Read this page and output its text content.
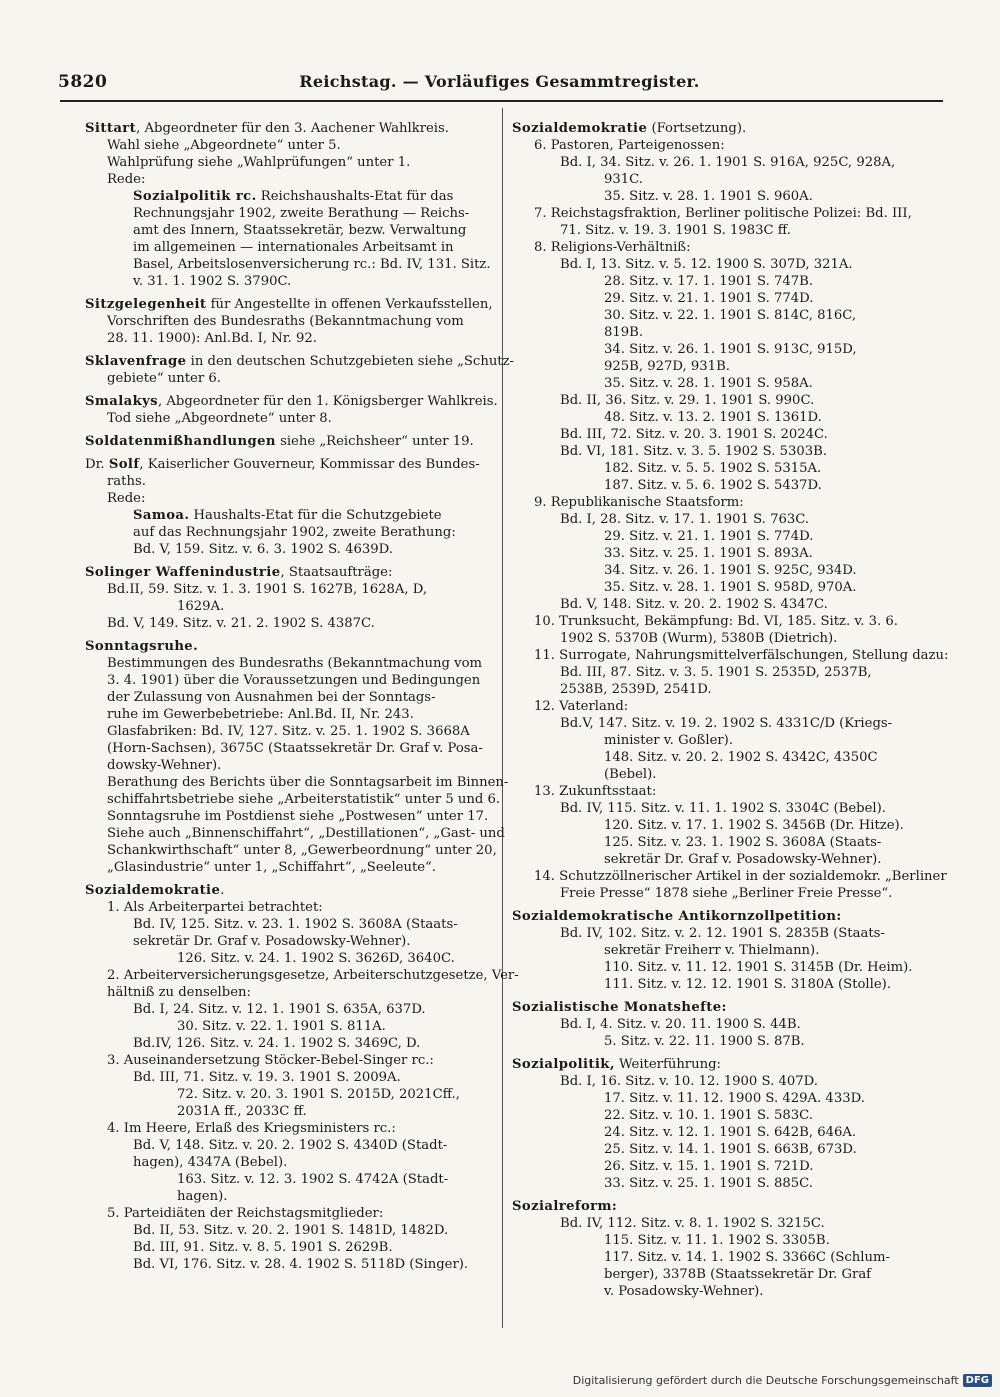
5820	Reichstag. — Vorläufiges Gesammtregister.
Sittart, Abgeordneter für den 3. Aachener Wahlkreis.
Wahl siehe „Abgeordnete“ unter 5.
Wahlprüfung siehe „Wahlprüfungen“ unter 1.
Rede:
Sozialpolitik rc. Reichshaushalts-Etat für das
Rechnungsjahr 1902, zweite Berathung — Reichs-
amt des Innern, Staatssekretär, bezw. Verwaltung
im allgemeinen — internationales Arbeitsamt in
Basel, Arbeitslosenversicherung rc.: Bd. IV, 131. Sitz.
v. 31. 1. 1902 S. 3790C.
Sitzgelegenheit für Angestellte in offenen Verkaufsstellen,
Vorschriften des Bundesraths (Bekanntmachung vom
28. 11. 1900): Anl.Bd. I, Nr. 92.
Sklavenfrage in den deutschen Schutzgebieten siehe „Schutz-
gebiete“ unter 6.
Smalakys, Abgeordneter für den 1. Königsberger Wahlkreis.
Tod siehe „Abgeordnete“ unter 8.
Soldatenmißhandlungen siehe „Reichsheer“ unter 19.
Dr. Solf, Kaiserlicher Gouverneur, Kommissar des Bundes-
raths.
Rede:
Samoa. Haushalts-Etat für die Schutzgebiete
auf das Rechnungsjahr 1902, zweite Berathung:
Bd. V, 159. Sitz. v. 6. 3. 1902 S. 4639D.
Solinger Waffenindustrie, Staatsaufträge:
Bd.II, 59. Sitz. v. 1. 3. 1901 S. 1627B, 1628A, D,
1629A.
Bd. V, 149. Sitz. v. 21. 2. 1902 S. 4387C.
Sonntagsruhe.
Bestimmungen des Bundesraths (Bekanntmachung vom
3. 4. 1901) über die Voraussetzungen und Bedingungen
der Zulassung von Ausnahmen bei der Sonntags-
ruhe im Gewerbebetriebe: Anl.Bd. II, Nr. 243.
Glasfabriken: Bd. IV, 127. Sitz. v. 25. 1. 1902 S. 3668A
(Horn-Sachsen), 3675C (Staatssekretär Dr. Graf v. Posa-
dowsky-Wehner).
Berathung des Berichts über die Sonntagsarbeit im Binnen-
schiffahrtsbetriebe siehe „Arbeiterstatistik“ unter 5 und 6.
Sonntagsruhe im Postdienst siehe „Postwesen“ unter 17.
Siehe auch „Binnenschiffahrt“, „Destillationen“, „Gast- und
Schankwirthschaft“ unter 8, „Gewerbeordnung“ unter 20,
„Glasindustrie“ unter 1, „Schiffahrt“, „Seeleute“.
Sozialdemokratie.
1. Als Arbeiterpartei betrachtet:
Bd. IV, 125. Sitz. v. 23. 1. 1902 S. 3608A (Staats-
sekretär Dr. Graf v. Posadowsky-Wehner).
126. Sitz. v. 24. 1. 1902 S. 3626D, 3640C.
2. Arbeiterversicherungsgesetze, Arbeiterschutzgesetze, Ver-
hältniß zu denselben:
Bd. I, 24. Sitz. v. 12. 1. 1901 S. 635A, 637D.
30. Sitz. v. 22. 1. 1901 S. 811A.
Bd.IV, 126. Sitz. v. 24. 1. 1902 S. 3469C, D.
3. Auseinandersetzung Stöcker-Bebel-Singer rc.:
Bd. III, 71. Sitz. v. 19. 3. 1901 S. 2009A.
72. Sitz. v. 20. 3. 1901 S. 2015D, 2021Cff.,
2031A ff., 2033C ff.
4. Im Heere, Erlaß des Kriegsministers rc.:
Bd. V, 148. Sitz. v. 20. 2. 1902 S. 4340D (Stadt-
hagen), 4347A (Bebel).
163. Sitz. v. 12. 3. 1902 S. 4742A (Stadt-
hagen).
5. Parteidiäten der Reichstagsmitglieder:
Bd. II, 53. Sitz. v. 20. 2. 1901 S. 1481D, 1482D.
Bd. III, 91. Sitz. v. 8. 5. 1901 S. 2629B.
Bd. VI, 176. Sitz. v. 28. 4. 1902 S. 5118D (Singer).
Sozialdemokratie (Fortsetzung).
6. Pastoren, Parteigenossen:
Bd. I, 34. Sitz. v. 26. 1. 1901 S. 916A, 925C, 928A,
931C.
35. Sitz. v. 28. 1. 1901 S. 960A.
7. Reichstagsfraktion, Berliner politische Polizei: Bd. III,
71. Sitz. v. 19. 3. 1901 S. 1983C ff.
8. Religions-Verhältniß:
Bd. I, 13. Sitz. v. 5. 12. 1900 S. 307D, 321A.
28. Sitz. v. 17. 1. 1901 S. 747B.
29. Sitz. v. 21. 1. 1901 S. 774D.
30. Sitz. v. 22. 1. 1901 S. 814C, 816C,
819B.
34. Sitz. v. 26. 1. 1901 S. 913C, 915D,
925B, 927D, 931B.
35. Sitz. v. 28. 1. 1901 S. 958A.
Bd. II, 36. Sitz. v. 29. 1. 1901 S. 990C.
48. Sitz. v. 13. 2. 1901 S. 1361D.
Bd. III, 72. Sitz. v. 20. 3. 1901 S. 2024C.
Bd. VI, 181. Sitz. v. 3. 5. 1902 S. 5303B.
182. Sitz. v. 5. 5. 1902 S. 5315A.
187. Sitz. v. 5. 6. 1902 S. 5437D.
9. Republikanische Staatsform:
Bd. I, 28. Sitz. v. 17. 1. 1901 S. 763C.
29. Sitz. v. 21. 1. 1901 S. 774D.
33. Sitz. v. 25. 1. 1901 S. 893A.
34. Sitz. v. 26. 1. 1901 S. 925C, 934D.
35. Sitz. v. 28. 1. 1901 S. 958D, 970A.
Bd. V, 148. Sitz. v. 20. 2. 1902 S. 4347C.
10. Trunksucht, Bekämpfung: Bd. VI, 185. Sitz. v. 3. 6.
1902 S. 5370B (Wurm), 5380B (Dietrich).
11. Surrogate, Nahrungsmittelverfälschungen, Stellung dazu:
Bd. III, 87. Sitz. v. 3. 5. 1901 S. 2535D, 2537B,
2538B, 2539D, 2541D.
12. Vaterland:
Bd.V, 147. Sitz. v. 19. 2. 1902 S. 4331C/D (Kriegs-
minister v. Goßler).
148. Sitz. v. 20. 2. 1902 S. 4342C, 4350C
(Bebel).
13. Zukunftsstaat:
Bd. IV, 115. Sitz. v. 11. 1. 1902 S. 3304C (Bebel).
120. Sitz. v. 17. 1. 1902 S. 3456B (Dr. Hitze).
125. Sitz. v. 23. 1. 1902 S. 3608A (Staats-
sekretär Dr. Graf v. Posadowsky-Wehner).
14. Schutzzöllnerischer Artikel in der sozialdemokr. „Berliner
Freie Presse“ 1878 siehe „Berliner Freie Presse“.
Sozialdemokratische Antikornzollpetition:
Bd. IV, 102. Sitz. v. 2. 12. 1901 S. 2835B (Staats-
sekretär Freiherr v. Thielmann).
110. Sitz. v. 11. 12. 1901 S. 3145B (Dr. Heim).
111. Sitz. v. 12. 12. 1901 S. 3180A (Stolle).
Sozialistische Monatshefte:
Bd. I, 4. Sitz. v. 20. 11. 1900 S. 44B.
5. Sitz. v. 22. 11. 1900 S. 87B.
Sozialpolitik, Weiterführung:
Bd. I, 16. Sitz. v. 10. 12. 1900 S. 407D.
17. Sitz. v. 11. 12. 1900 S. 429A. 433D.
22. Sitz. v. 10. 1. 1901 S. 583C.
24. Sitz. v. 12. 1. 1901 S. 642B, 646A.
25. Sitz. v. 14. 1. 1901 S. 663B, 673D.
26. Sitz. v. 15. 1. 1901 S. 721D.
33. Sitz. v. 25. 1. 1901 S. 885C.
Sozialreform:
Bd. IV, 112. Sitz. v. 8. 1. 1902 S. 3215C.
115. Sitz. v. 11. 1. 1902 S. 3305B.
117. Sitz. v. 14. 1. 1902 S. 3366C (Schlum-
berger), 3378B (Staatssekretär Dr. Graf
v. Posadowsky-Wehner).
Digitalisierung gefördert durch die Deutsche Forschungsgemeinschaft DFG
